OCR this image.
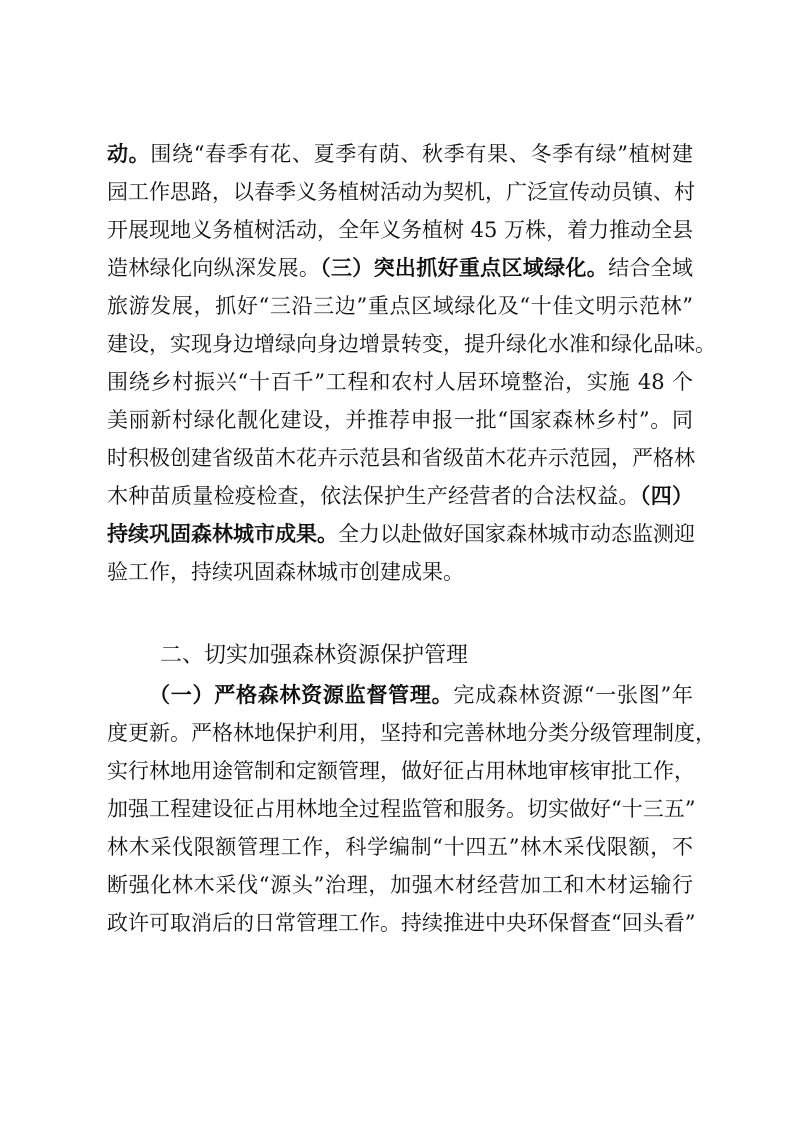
动。围绕“春季有花、夏季有荫、秋季有果、冬季有绿”植树建
园工作思路，以春季义务植树活动为契机，广泛宣传动员镇、村
开展现地义务植树活动，全年义务植树 45 万株，着力推动全县
造林绿化向纵深发展。（三）突出抓好重点区域绿化。结合全域
旅游发展，抓好“三沿三边”重点区域绿化及“十佳文明示范林”
建设，实现身边增绿向身边增景转变，提升绿化水准和绿化品味。
围绕乡村振兴“十百千”工程和农村人居环境整治，实施 48 个
美丽新村绿化靓化建设，并推荐申报一批“国家森林乡村”。同
时积极创建省级苗木花卉示范县和省级苗木花卉示范园，严格林
木种苗质量检疫检查，依法保护生产经营者的合法权益。（四）
持续巩固森林城市成果。全力以赴做好国家森林城市动态监测迎
验工作，持续巩固森林城市创建成果。
二、切实加强森林资源保护管理
（一）严格森林资源监督管理。完成森林资源“一张图”年
度更新。严格林地保护利用，坚持和完善林地分类分级管理制度，
实行林地用途管制和定额管理，做好征占用林地审核审批工作，
加强工程建设征占用林地全过程监管和服务。切实做好“十三五”
林木采伐限额管理工作，科学编制“十四五”林木采伐限额，不
断强化林木采伐“源头”治理，加强木材经营加工和木材运输行
政许可取消后的日常管理工作。持续推进中央环保督查“回头看”
